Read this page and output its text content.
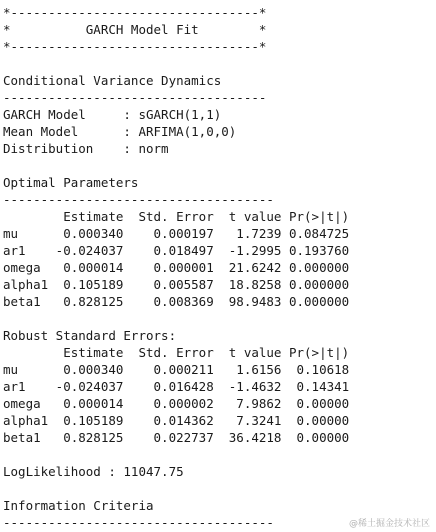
*---------------------------------*
*          GARCH Model Fit        *
*---------------------------------*
Conditional Variance Dynamics
-----------------------------------
GARCH Model     : sGARCH(1,1)
Mean Model      : ARFIMA(1,0,0)
Distribution    : norm
Optimal Parameters
------------------------------------
Estimate  Std. Error  t value Pr(>|t|)
mu      0.000340    0.000197   1.7239 0.084725
ar1    -0.024037    0.018497  -1.2995 0.193760
omega   0.000014    0.000001  21.6242 0.000000
alpha1  0.105189    0.005587  18.8258 0.000000
beta1   0.828125    0.008369  98.9483 0.000000
Robust Standard Errors:
Estimate  Std. Error  t value Pr(>|t|)
mu      0.000340    0.000211   1.6156  0.10618
ar1    -0.024037    0.016428  -1.4632  0.14341
omega   0.000014    0.000002   7.9862  0.00000
alpha1  0.105189    0.014362   7.3241  0.00000
beta1   0.828125    0.022737  36.4218  0.00000
LogLikelihood : 11047.75
Information Criteria
------------------------------------	@稀土掘金技术社区
